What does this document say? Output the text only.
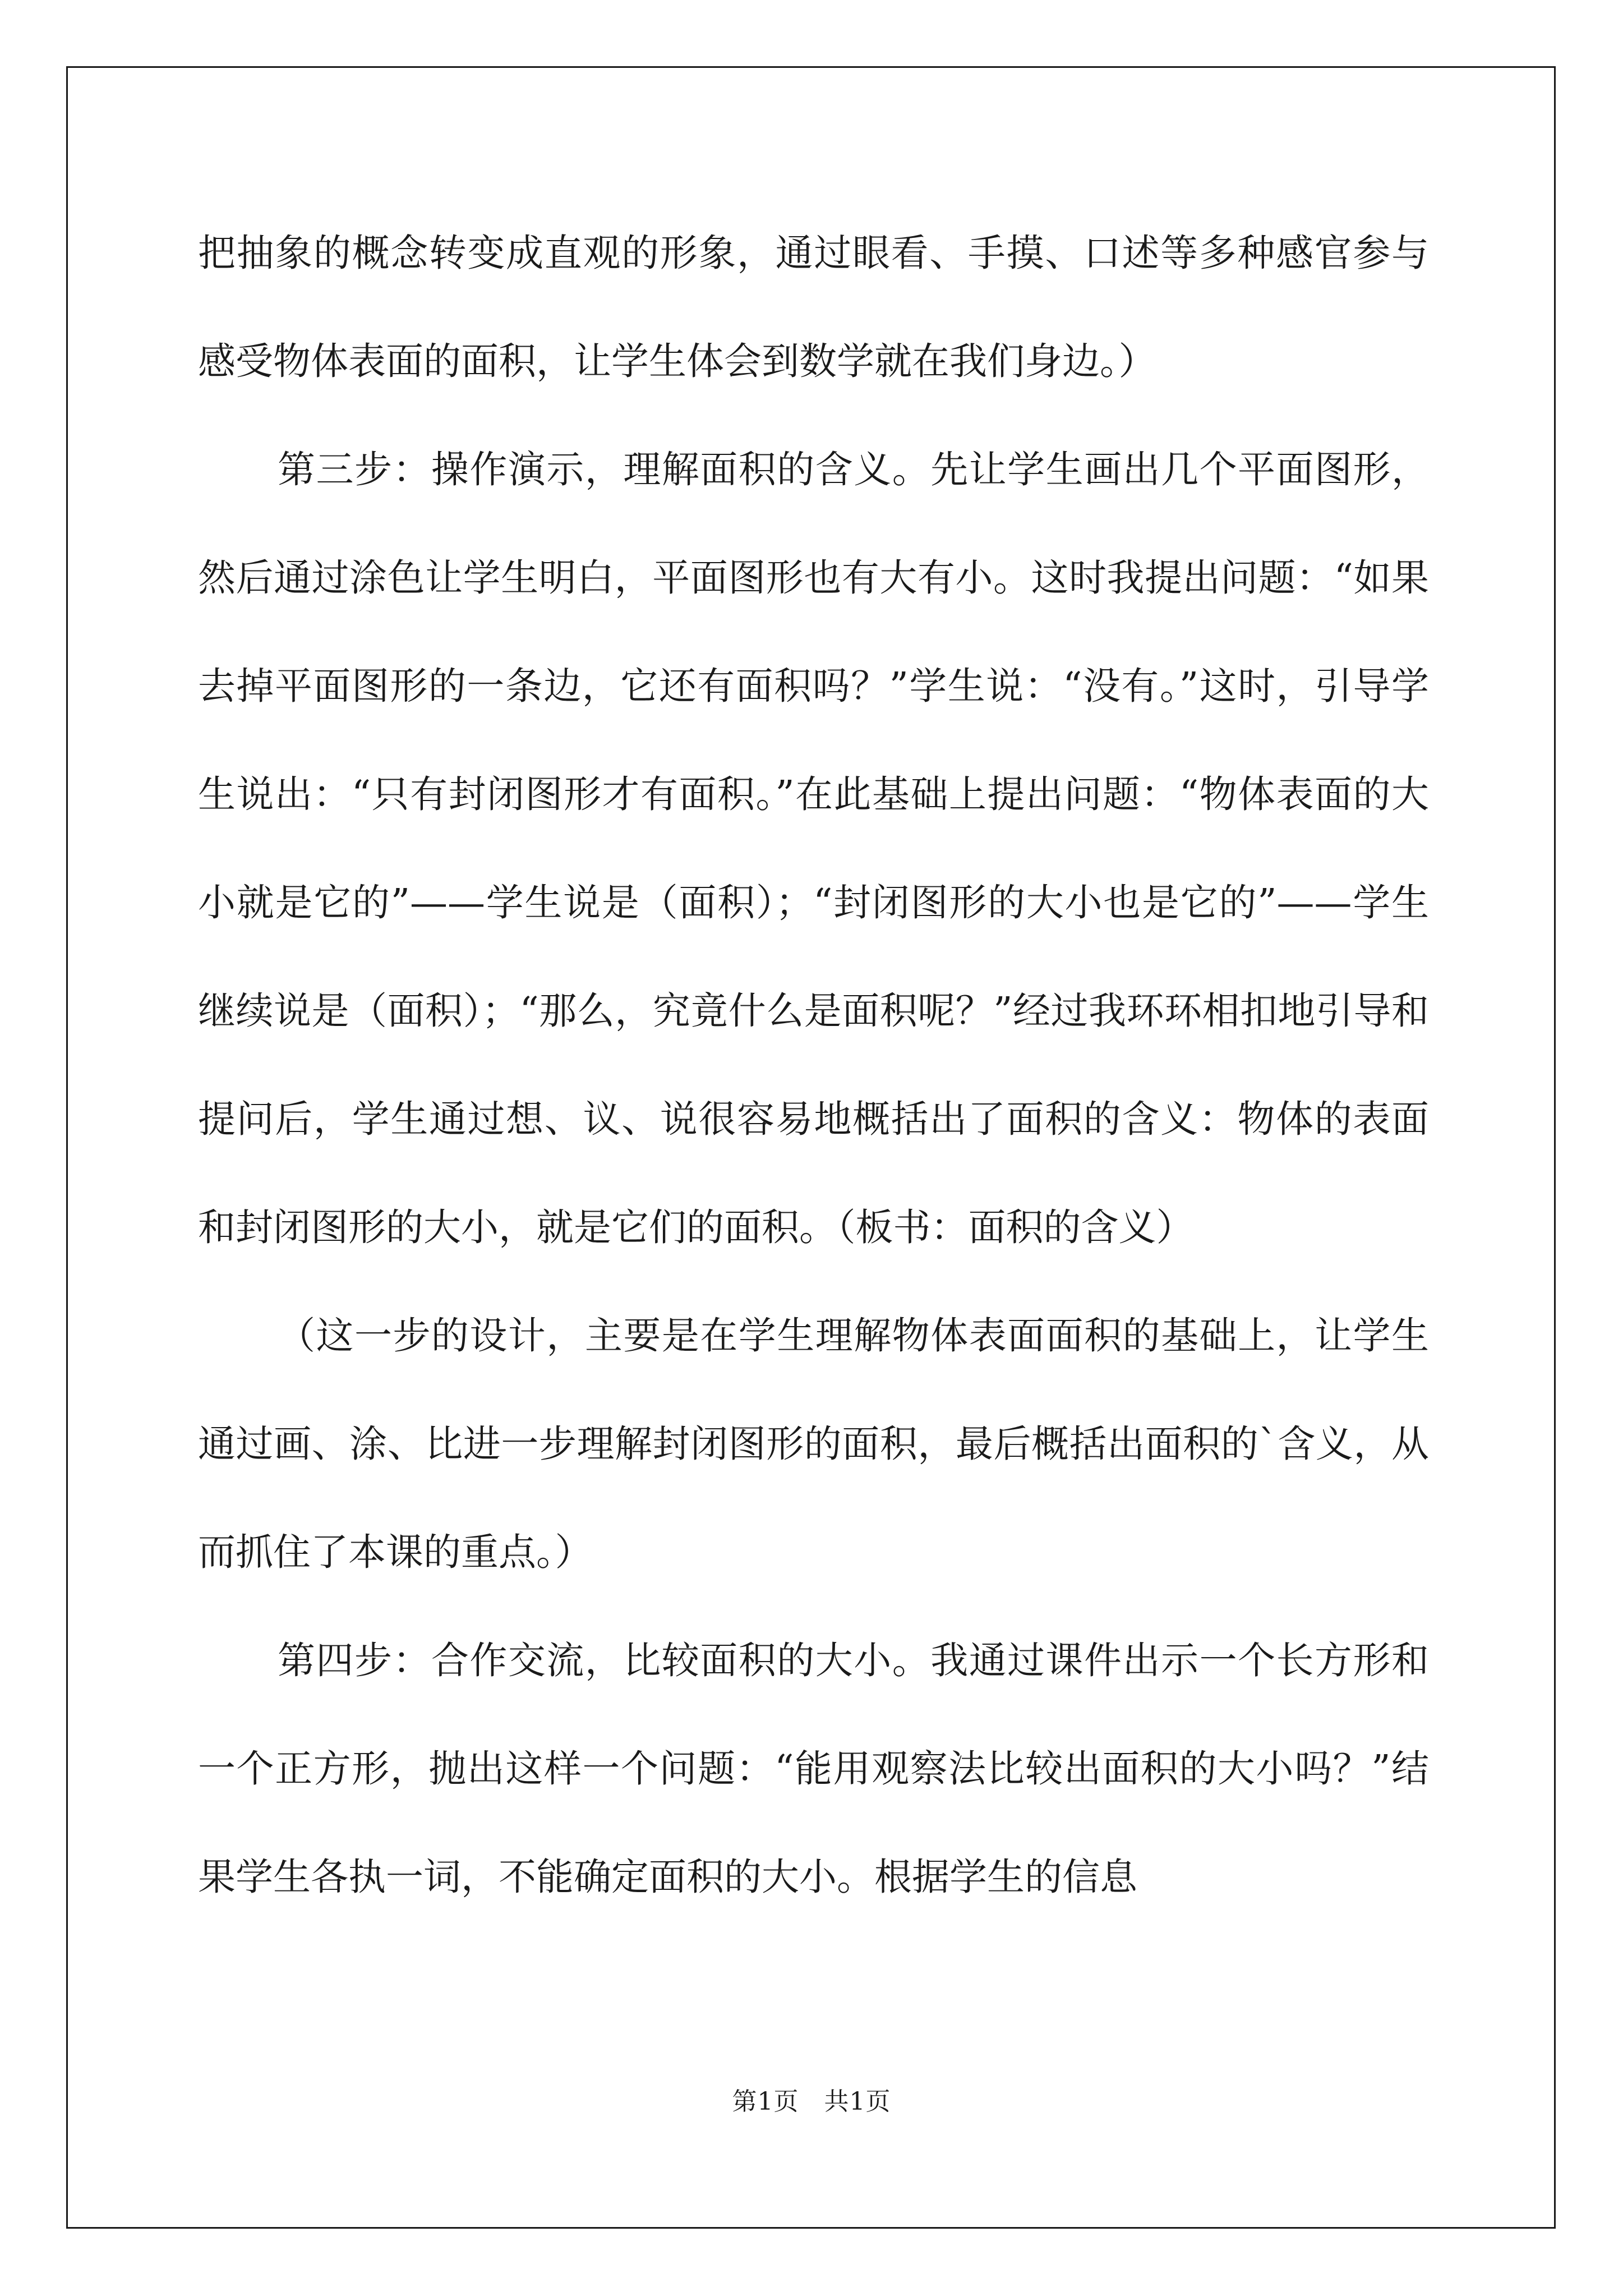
把抽象的概念转变成直观的形象，通过眼看、手摸、口述等多种感官参与感受物体表面的面积，让学生体会到数学就在我们身边。）

第三步：操作演示，理解面积的含义。先让学生画出几个平面图形，然后通过涂色让学生明白，平面图形也有大有小。这时我提出问题：“如果去掉平面图形的一条边，它还有面积吗？”学生说：“没有。”这时，引导学生说出：“只有封闭图形才有面积。”在此基础上提出问题：“物体表面的大小就是它的”——学生说是（面积）；“封闭图形的大小也是它的”——学生继续说是（面积）；“那么，究竟什么是面积呢？”经过我环环相扣地引导和提问后，学生通过想、议、说很容易地概括出了面积的含义：物体的表面和封闭图形的大小，就是它们的面积。（板书：面积的含义）

（这一步的设计，主要是在学生理解物体表面面积的基础上，让学生通过画、涂、比进一步理解封闭图形的面积，最后概括出面积的`含义，从而抓住了本课的重点。）

第四步：合作交流，比较面积的大小。我通过课件出示一个长方形和一个正方形，抛出这样一个问题：“能用观察法比较出面积的大小吗？”结果学生各执一词，不能确定面积的大小。根据学生的信息

第1页　共1页
